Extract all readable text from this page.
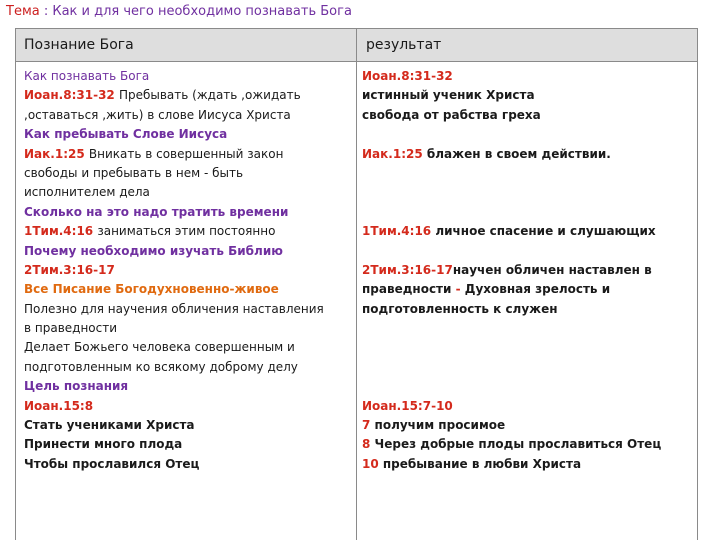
Тема : Как и для чего необходимо познавать Бога
Познание Бога	результат
Как познавать Бога
Иоан.8:31-32 Пребывать (ждать ,ожидать
,оставаться ,жить) в слове Иисуса Христа
Как пребывать Слове Иисуса
Иак.1:25 Вникать в совершенный закон
свободы и пребывать в нем - быть
исполнителем дела
Сколько на это надо тратить времени
1Тим.4:16 заниматься этим постоянно
Почему необходимо изучать Библию
2Тим.3:16-17
Все Писание Богодухновенно-живое
Полезно для научения обличения наставления
в праведности
Делает Божьего человека совершенным и
подготовленным ко всякому доброму делу
Цель познания
Иоан.15:8
Стать учениками Христа
Принести много плода
Чтобы прославился Отец
Иоан.8:31-32
истинный ученик Христа
свобода от рабства греха
Иак.1:25 блажен в своем действии.
1Тим.4:16 личное спасение и слушающих
2Тим.3:16-17научен обличен наставлен в
праведности - Духовная зрелость и
подготовленность к служен
Иоан.15:7-10
7 получим просимое
8 Через добрые плоды прославиться Отец
10 пребывание в любви Христа
